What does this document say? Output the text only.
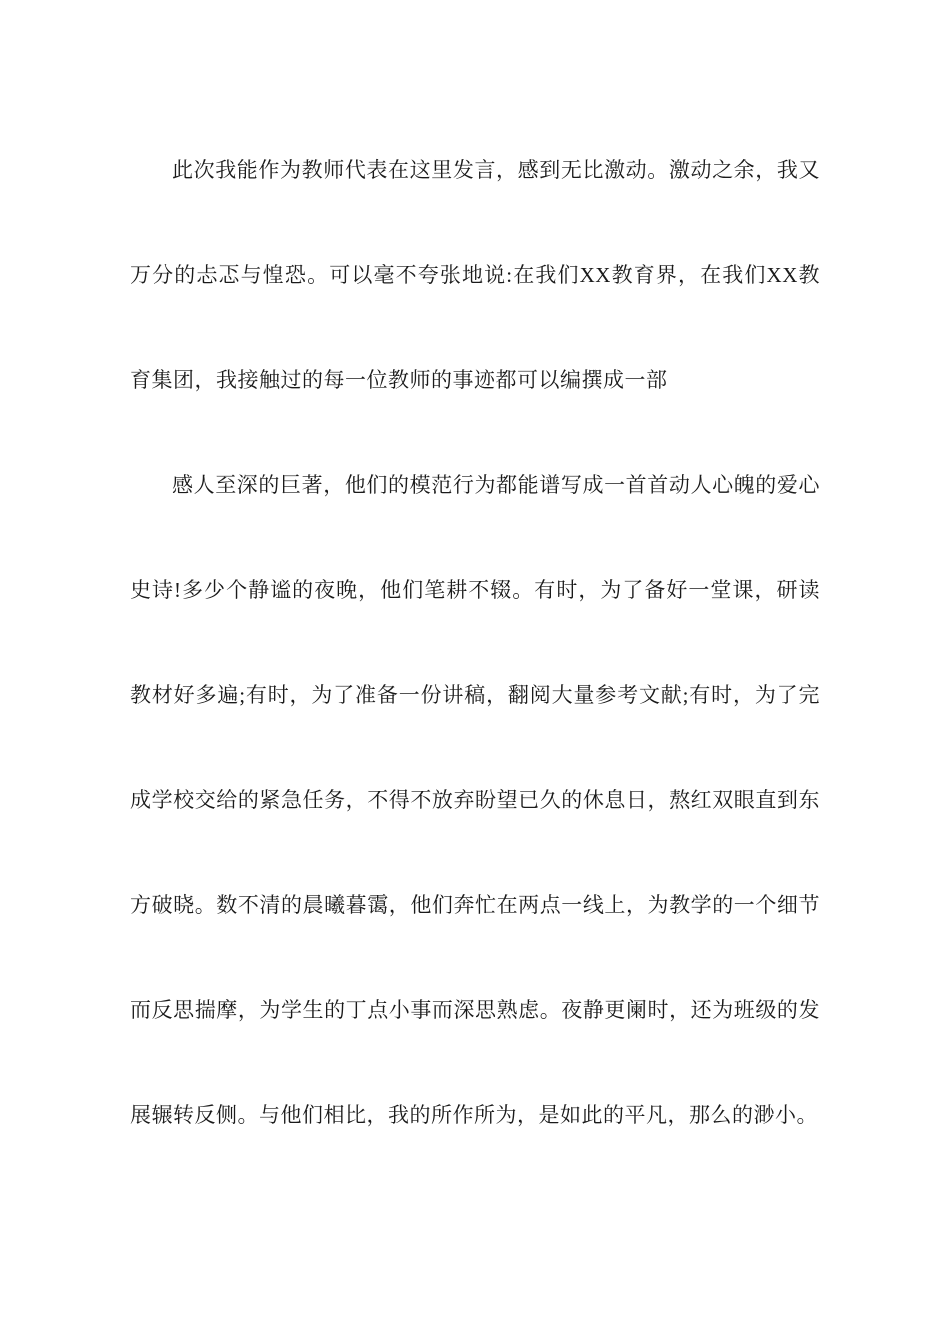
此次我能作为教师代表在这里发言，感到无比激动。激动之余，我又万分的忐忑与惶恐。可以毫不夸张地说:在我们XX教育界，在我们XX教育集团，我接触过的每一位教师的事迹都可以编撰成一部

感人至深的巨著，他们的模范行为都能谱写成一首首动人心魄的爱心史诗!多少个静谧的夜晚，他们笔耕不辍。有时，为了备好一堂课，研读教材好多遍;有时，为了准备一份讲稿，翻阅大量参考文献;有时，为了完成学校交给的紧急任务，不得不放弃盼望已久的休息日，熬红双眼直到东方破晓。数不清的晨曦暮霭，他们奔忙在两点一线上，为教学的一个细节而反思揣摩，为学生的丁点小事而深思熟虑。夜静更阑时，还为班级的发展辗转反侧。与他们相比，我的所作所为，是如此的平凡，那么的渺小。
